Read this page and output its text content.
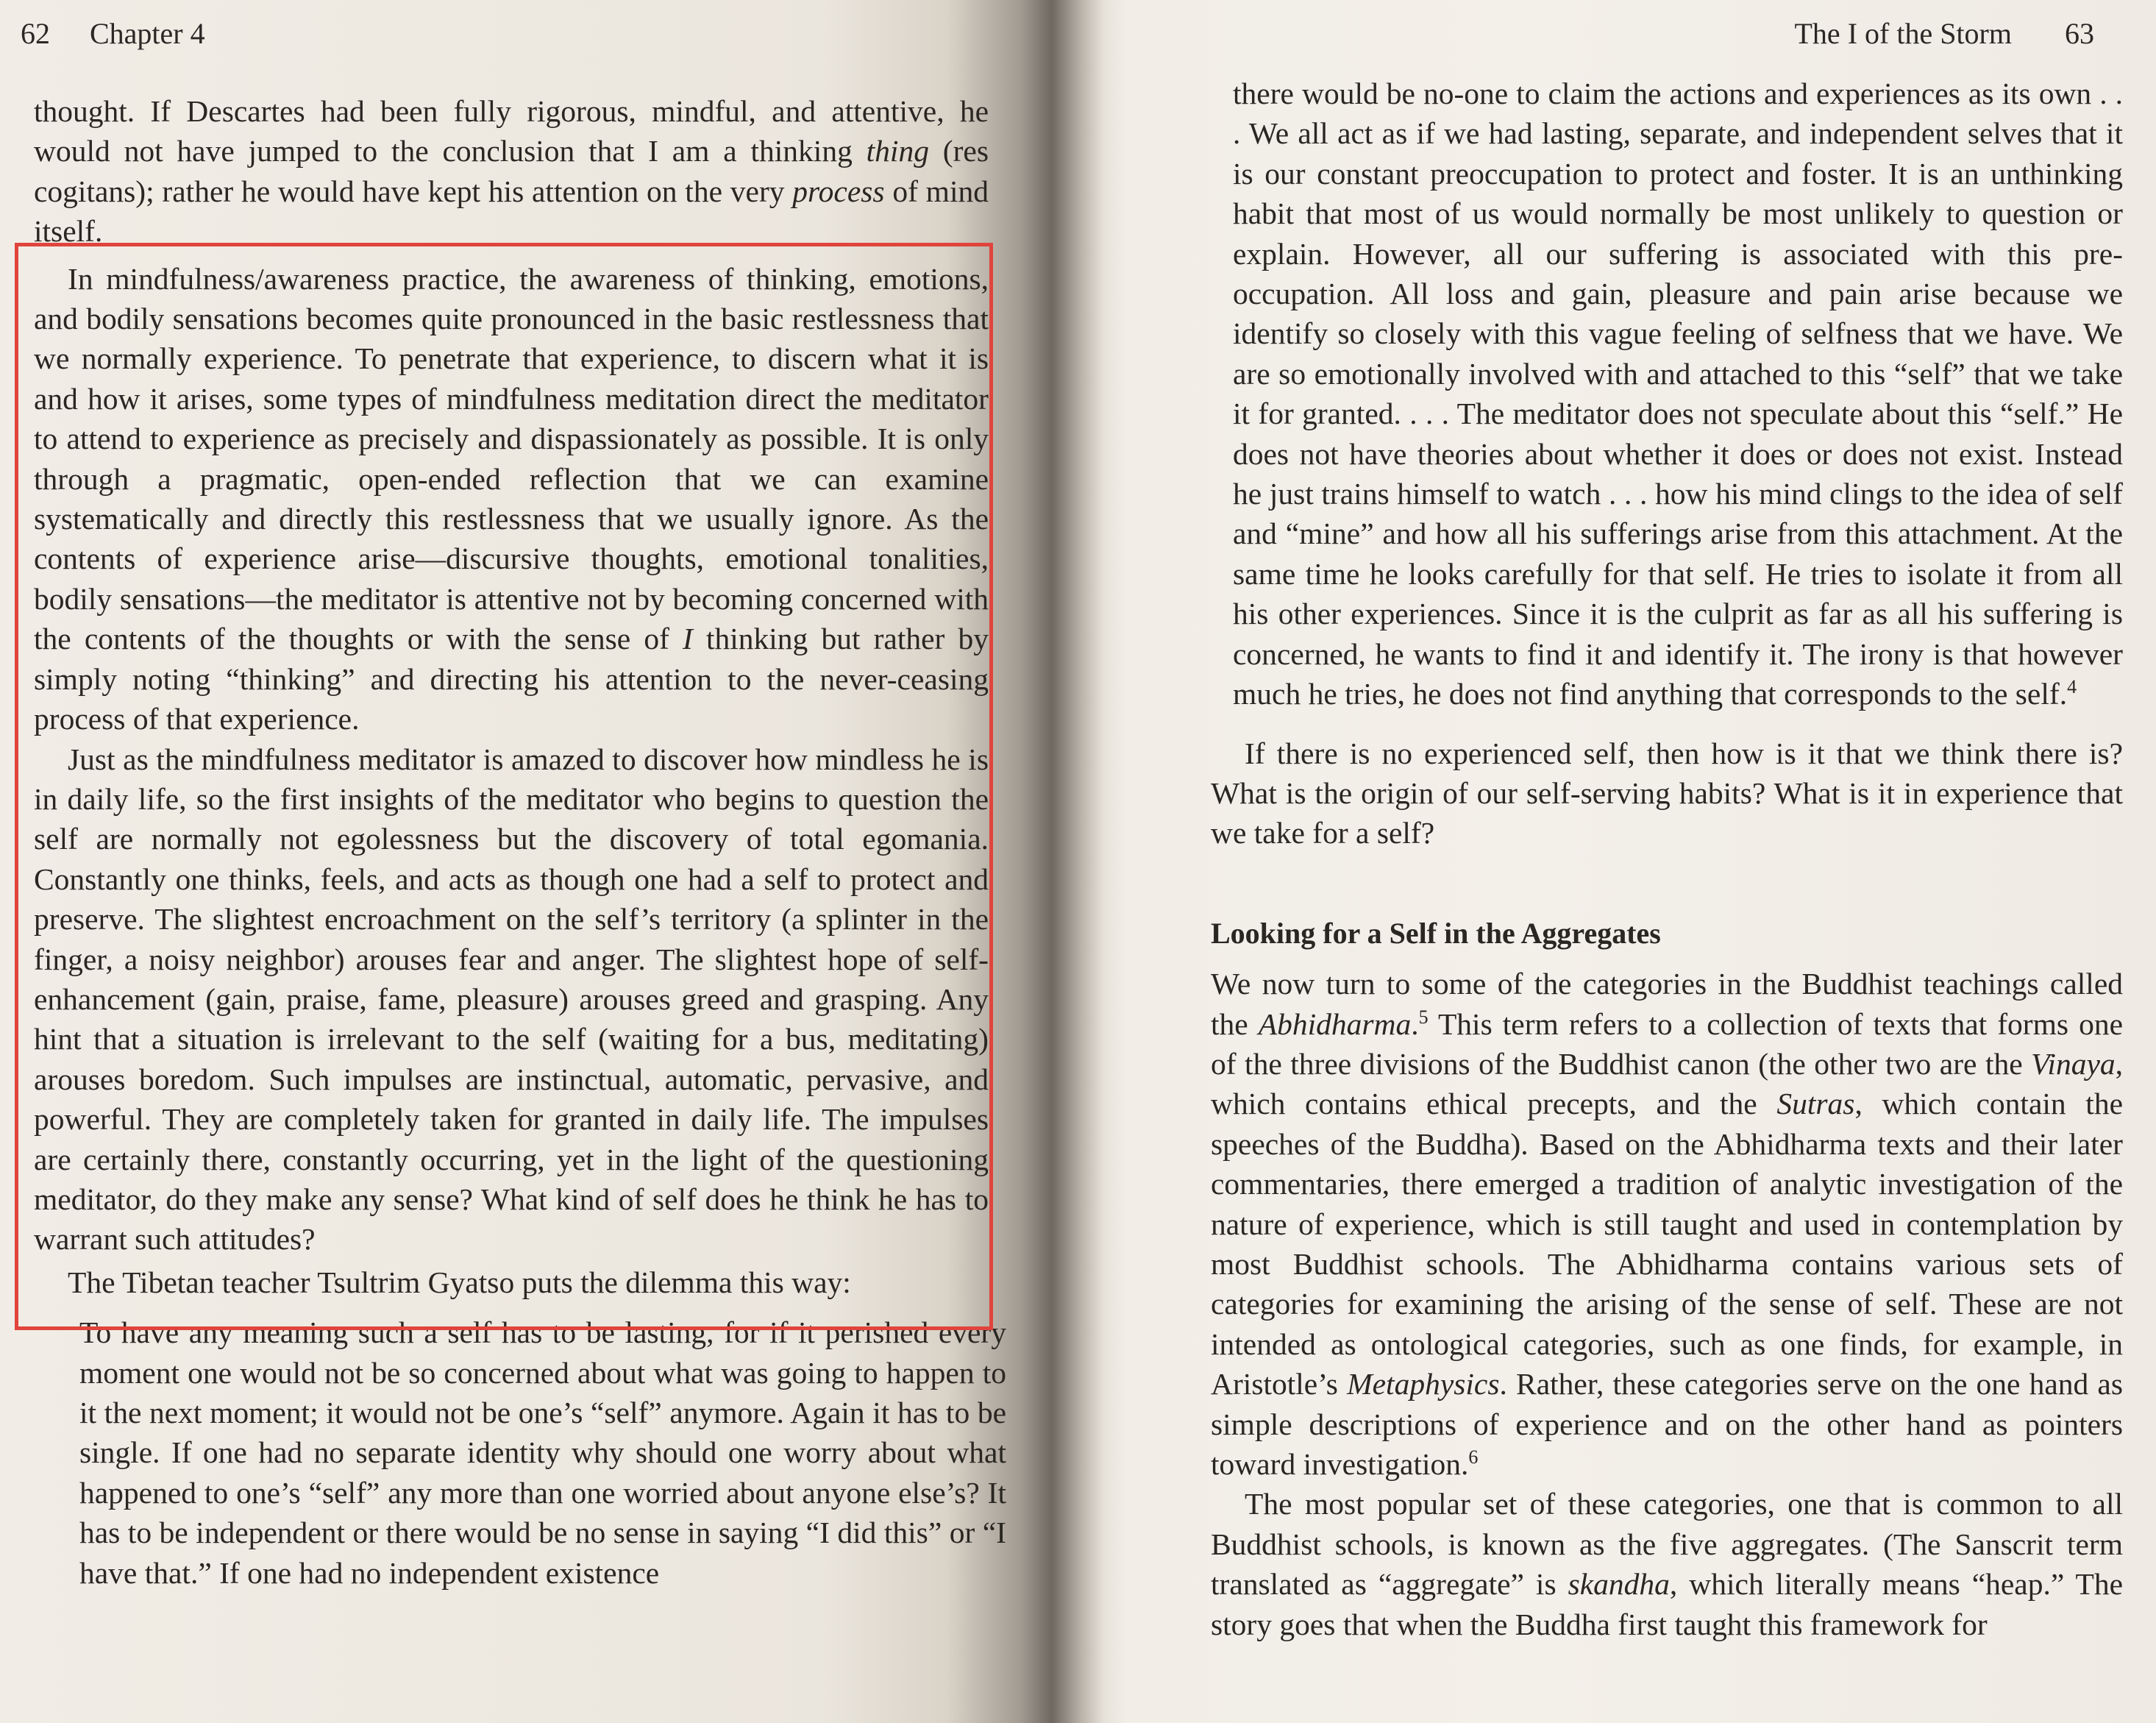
62 Chapter 4

thought. If Descartes had been fully rigorous, mindful, and attentive, he would not have jumped to the conclusion that I am a thinking thing (res cogitans); rather he would have kept his attention on the very process of mind itself.

In mindfulness/awareness practice, the awareness of thinking, emotions, and bodily sensations becomes quite pronounced in the basic restlessness that we normally experience. To penetrate that experience, to discern what it is and how it arises, some types of mindfulness meditation direct the meditator to attend to experience as precisely and dispassionately as possible. It is only through a pragmatic, open-ended reflection that we can examine systematically and directly this restlessness that we usually ignore. As the contents of experience arise—discursive thoughts, emotional tonalities, bodily sensations—the meditator is attentive not by becoming concerned with the contents of the thoughts or with the sense of I thinking but rather by simply noting “thinking” and directing his attention to the never-ceasing process of that experience.

Just as the mindfulness meditator is amazed to discover how mindless he is in daily life, so the first insights of the meditator who begins to question the self are normally not egolessness but the discovery of total egomania. Constantly one thinks, feels, and acts as though one had a self to protect and preserve. The slightest encroachment on the self’s territory (a splinter in the finger, a noisy neighbor) arouses fear and anger. The slightest hope of self-enhancement (gain, praise, fame, pleasure) arouses greed and grasping. Any hint that a situation is irrelevant to the self (waiting for a bus, meditating) arouses boredom. Such impulses are instinctual, automatic, pervasive, and powerful. They are completely taken for granted in daily life. The impulses are certainly there, constantly occurring, yet in the light of the questioning meditator, do they make any sense? What kind of self does he think he has to warrant such attitudes?

The Tibetan teacher Tsultrim Gyatso puts the dilemma this way:

To have any meaning such a self has to be lasting, for if it perished every moment one would not be so concerned about what was going to happen to it the next moment; it would not be one’s “self” anymore. Again it has to be single. If one had no separate identity why should one worry about what happened to one’s “self” any more than one worried about anyone else’s? It has to be independent or there would be no sense in saying “I did this” or “I have that.” If one had no independent existence

The I of the Storm 63

there would be no-one to claim the actions and experiences as its own . . . We all act as if we had lasting, separate, and independent selves that it is our constant preoccupation to protect and foster. It is an unthinking habit that most of us would normally be most unlikely to question or explain. However, all our suffering is associated with this pre-occupation. All loss and gain, pleasure and pain arise because we identify so closely with this vague feeling of selfness that we have. We are so emotionally involved with and attached to this “self” that we take it for granted. . . . The meditator does not speculate about this “self.” He does not have theories about whether it does or does not exist. Instead he just trains himself to watch . . . how his mind clings to the idea of self and “mine” and how all his sufferings arise from this attachment. At the same time he looks carefully for that self. He tries to isolate it from all his other experiences. Since it is the culprit as far as all his suffering is concerned, he wants to find it and identify it. The irony is that however much he tries, he does not find anything that corresponds to the self.$^4$

If there is no experienced self, then how is it that we think there is? What is the origin of our self-serving habits? What is it in experience that we take for a self?

Looking for a Self in the Aggregates

We now turn to some of the categories in the Buddhist teachings called the Abhidharma.$^5$ This term refers to a collection of texts that forms one of the three divisions of the Buddhist canon (the other two are the Vinaya, which contains ethical precepts, and the Sutras, which contain the speeches of the Buddha). Based on the Abhidharma texts and their later commentaries, there emerged a tradition of analytic investigation of the nature of experience, which is still taught and used in contemplation by most Buddhist schools. The Abhidharma contains various sets of categories for examining the arising of the sense of self. These are not intended as ontological categories, such as one finds, for example, in Aristotle’s Metaphysics. Rather, these categories serve on the one hand as simple descriptions of experience and on the other hand as pointers toward investigation.$^6$

The most popular set of these categories, one that is common to all Buddhist schools, is known as the five aggregates. (The Sanscrit term translated as “aggregate” is skandha, which literally means “heap.” The story goes that when the Buddha first taught this framework for
